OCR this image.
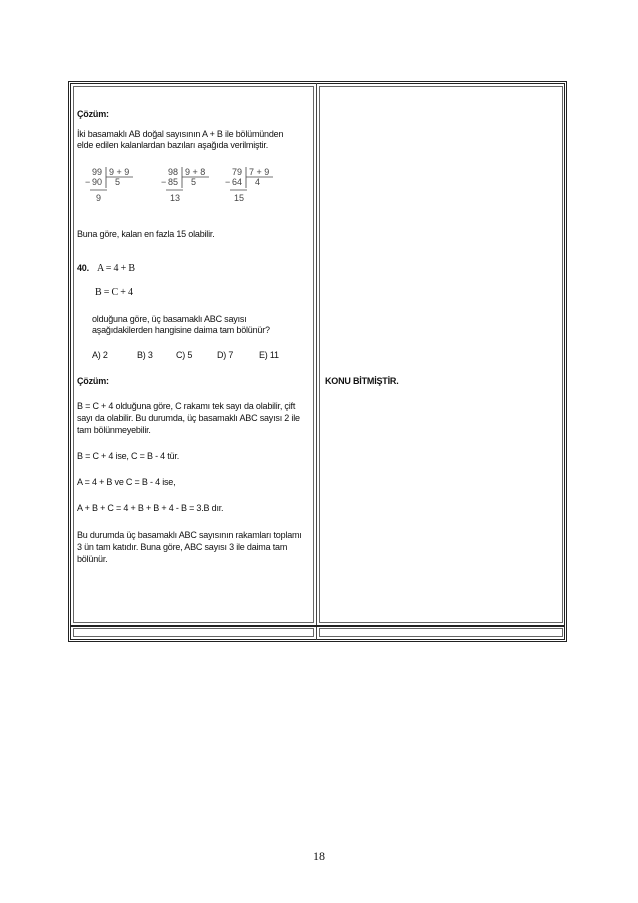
Çözüm:
İki basamaklı AB doğal sayısının A + B ile bölümünden
elde edilen kalanlardan bazıları aşağıda verilmiştir.
99 9 + 9
− 90 5
9
98 9 + 8
− 85 5
13
79 7 + 9
− 64 4
15
Buna göre, kalan en fazla 15 olabilir.
40. A = 4 + B
B = C + 4
olduğuna göre, üç basamaklı ABC sayısı
aşağıdakilerden hangisine daima tam bölünür?
A) 2	B) 3	C) 5	D) 7	E) 11
Çözüm:
B = C + 4 olduğuna göre, C rakamı tek sayı da olabilir, çift
sayı da olabilir. Bu durumda, üç basamaklı ABC sayısı 2 ile
tam bölünmeyebilir.
B = C + 4 ise, C = B - 4 tür.
A = 4 + B ve C = B - 4 ise,
A + B + C = 4 + B + B + 4 - B = 3.B dır.
Bu durumda üç basamaklı ABC sayısının rakamları toplamı
3 ün tam katıdır. Buna göre, ABC sayısı 3 ile daima tam
bölünür.
KONU BİTMİŞTİR.
18
